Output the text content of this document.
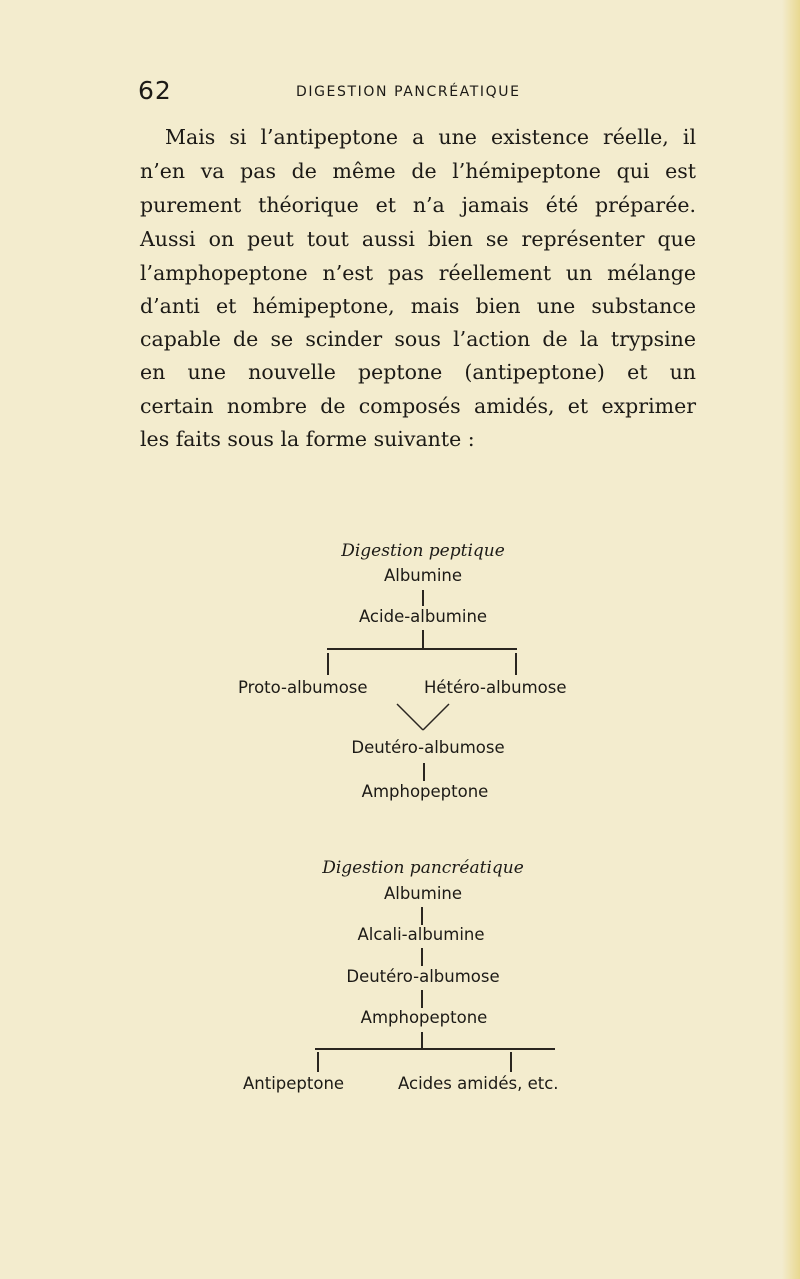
62	DIGESTION PANCRÉATIQUE
Mais si l’antipeptone a une existence réelle, il
n’en va pas de même de l’hémipeptone qui est
purement théorique et n’a jamais été préparée.
Aussi on peut tout aussi bien se représenter que
l’amphopeptone n’est pas réellement un mélange
d’anti et hémipeptone, mais bien une substance
capable de se scinder sous l’action de la trypsine
en une nouvelle peptone (antipeptone) et un
certain nombre de composés amidés, et exprimer
les faits sous la forme suivante :
Digestion peptique
Albumine
Acide-albumine
Proto-albumose	Hétéro-albumose
Deutéro-albumose
Amphopeptone
Digestion pancréatique
Albumine
Alcali-albumine
Deutéro-albumose
Amphopeptone
Antipeptone	Acides amidés, etc.
